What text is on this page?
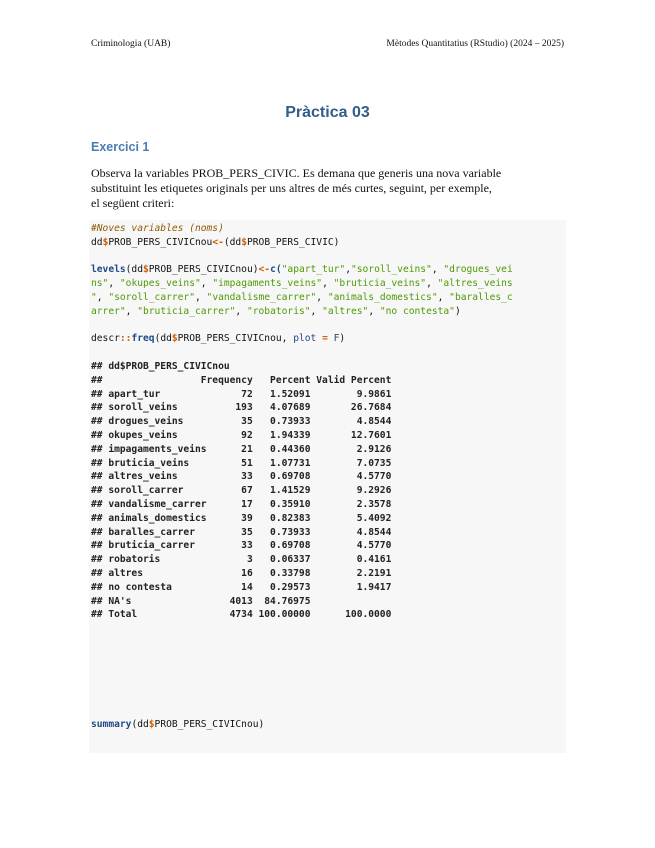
Criminologia (UAB)	Mètodes Quantitatius (RStudio) (2024 – 2025)
Pràctica 03
Exercici 1
Observa la variables PROB_PERS_CIVIC. Es demana que generis una nova variable
substituint les etiquetes originals per uns altres de més curtes, seguint, per exemple,
el següent criteri:
#Noves variables (noms)
dd$PROB_PERS_CIVICnou<-(dd$PROB_PERS_CIVIC)
levels(dd$PROB_PERS_CIVICnou)<-c("apart_tur","soroll_veins", "drogues_vei
ns", "okupes_veins", "impagaments_veins", "bruticia_veins", "altres_veins
", "soroll_carrer", "vandalisme_carrer", "animals_domestics", "baralles_c
arrer", "bruticia_carrer", "robatoris", "altres", "no contesta")
descr::freq(dd$PROB_PERS_CIVICnou, plot = F)
## dd$PROB_PERS_CIVICnou
##                 Frequency   Percent Valid Percent
## apart_tur              72   1.52091        9.9861
## soroll_veins          193   4.07689       26.7684
## drogues_veins          35   0.73933        4.8544
## okupes_veins           92   1.94339       12.7601
## impagaments_veins      21   0.44360        2.9126
## bruticia_veins         51   1.07731        7.0735
## altres_veins           33   0.69708        4.5770
## soroll_carrer          67   1.41529        9.2926
## vandalisme_carrer      17   0.35910        2.3578
## animals_domestics      39   0.82383        5.4092
## baralles_carrer        35   0.73933        4.8544
## bruticia_carrer        33   0.69708        4.5770
## robatoris               3   0.06337        0.4161
## altres                 16   0.33798        2.2191
## no contesta            14   0.29573        1.9417
## NA's                 4013  84.76975
## Total                4734 100.00000      100.0000
summary(dd$PROB_PERS_CIVICnou)
